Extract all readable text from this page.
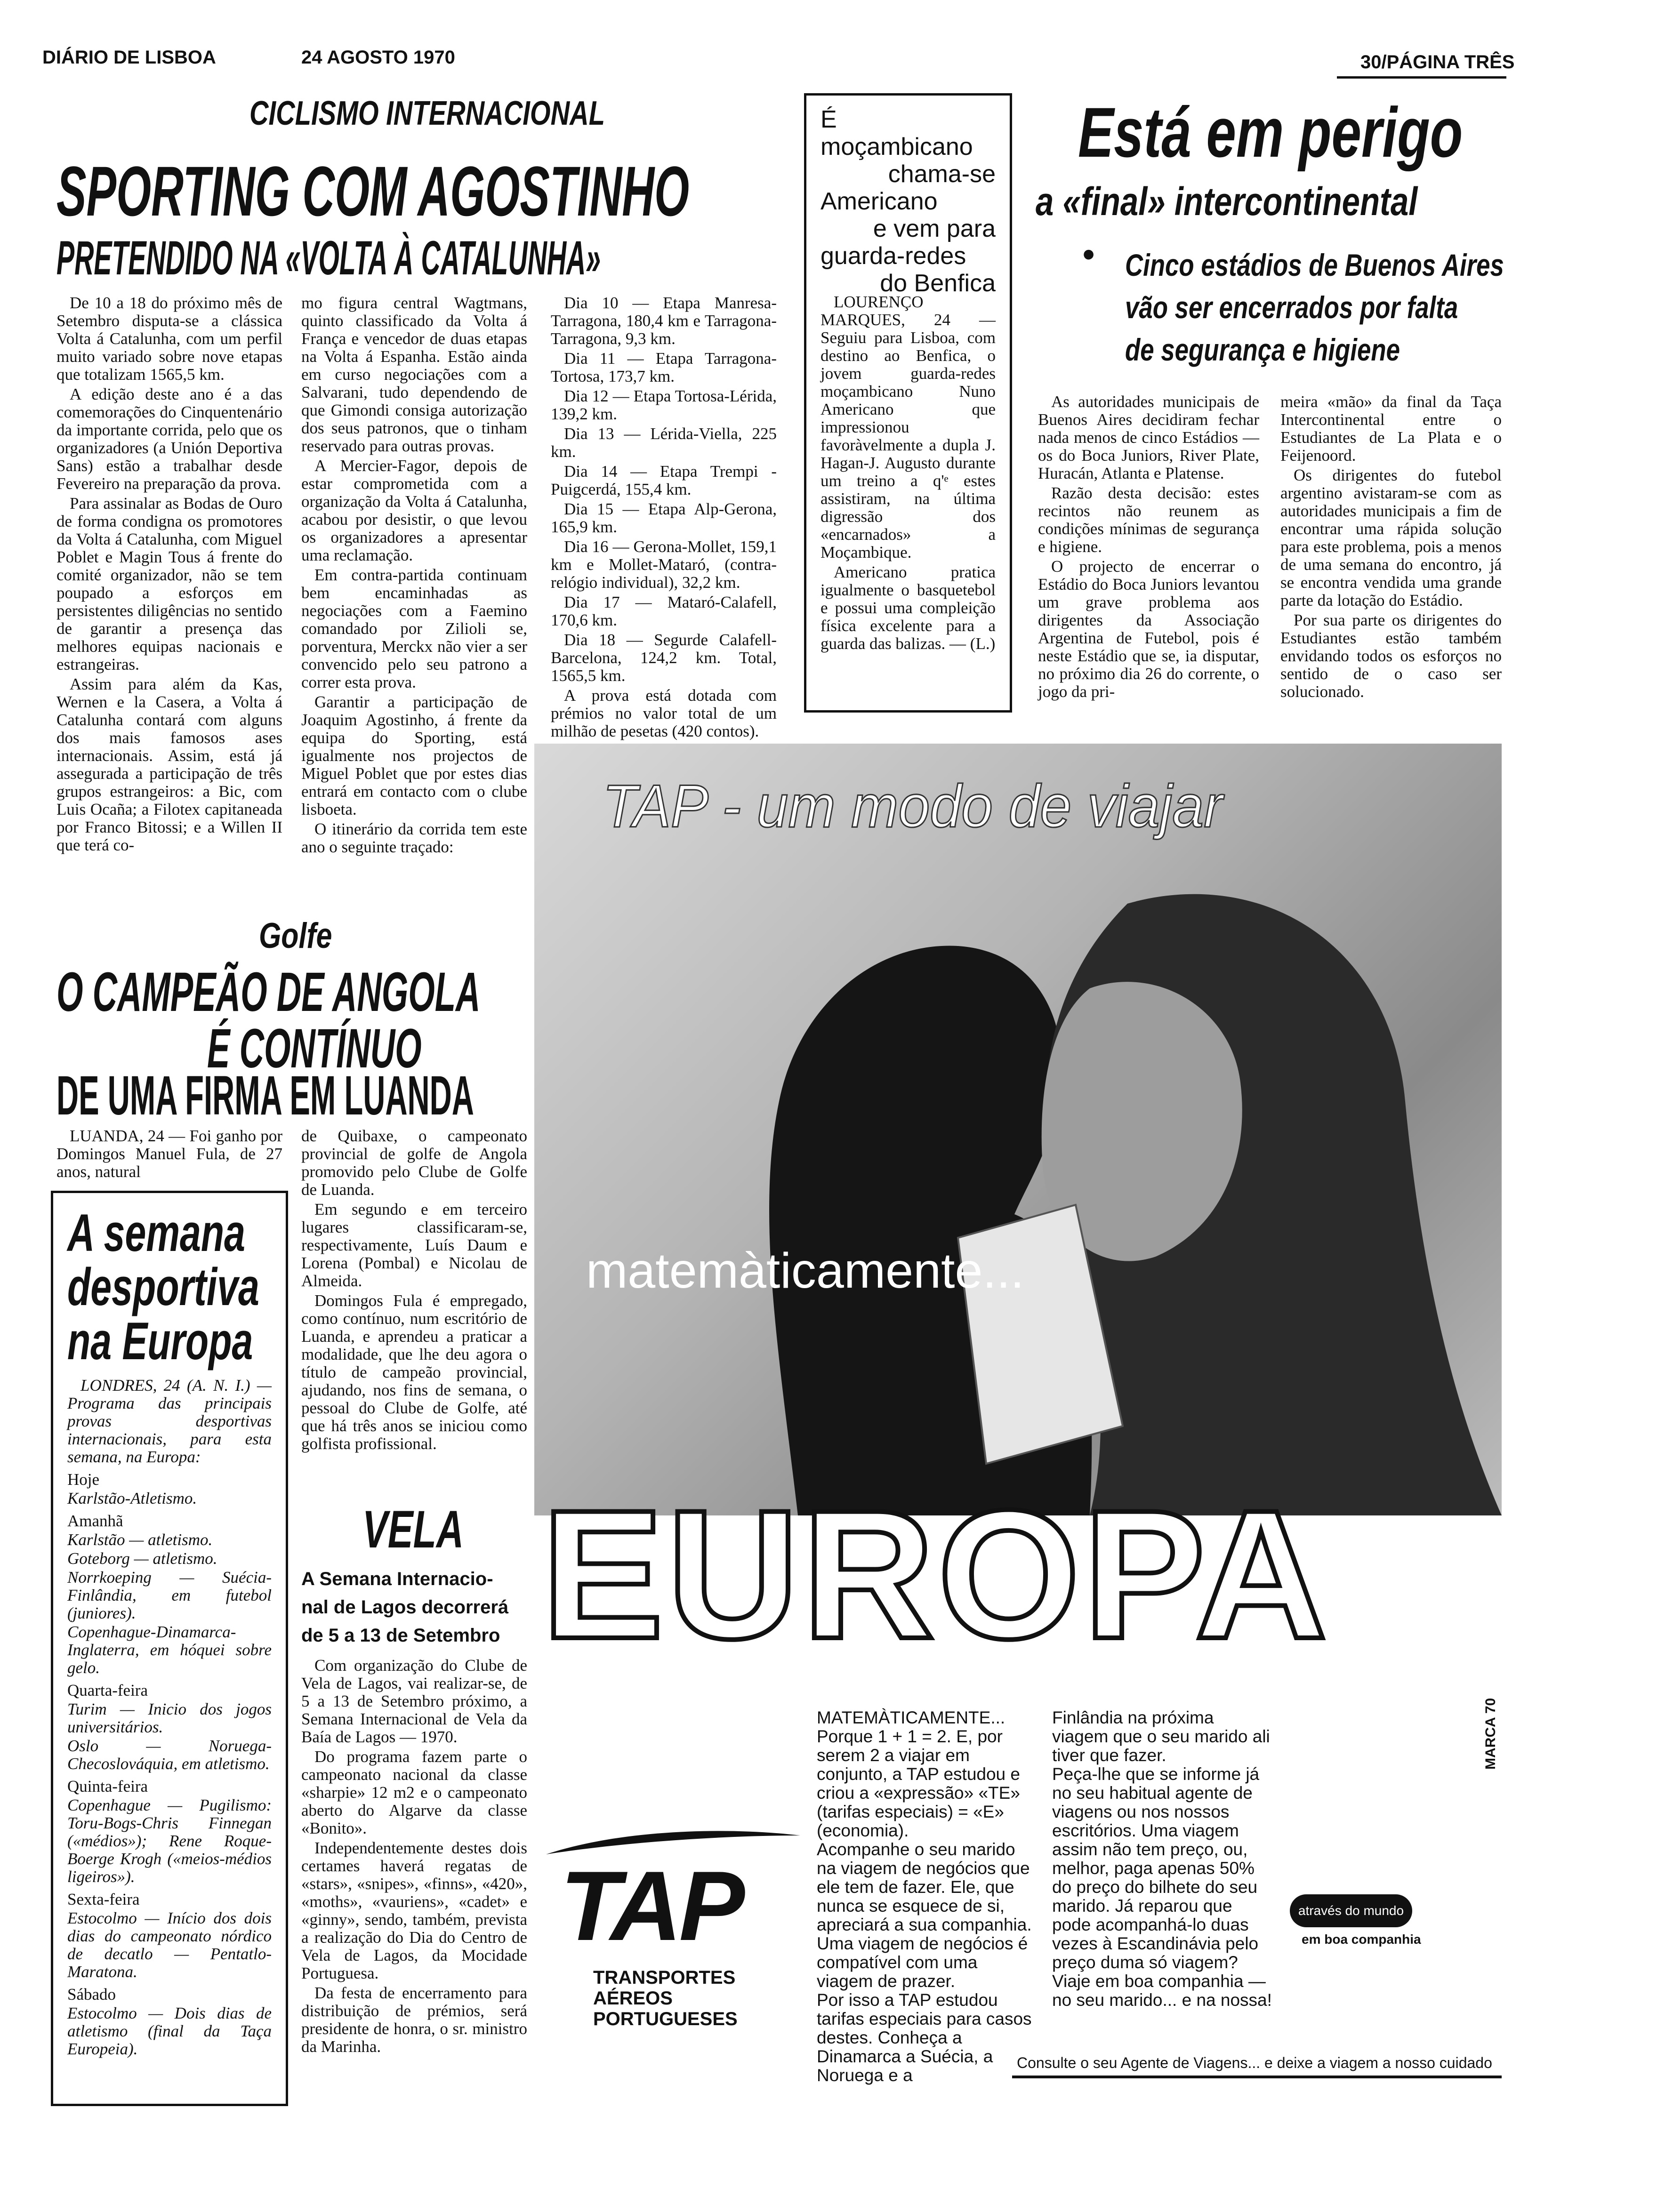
DIÁRIO DE LISBOA	24 AGOSTO 1970	30/PÁGINA TRÊS
CICLISMO INTERNACIONAL
SPORTING COM AGOSTINHO
PRETENDIDO NA «VOLTA À CATALUNHA»

De 10 a 18 do próximo mês de Setembro disputa-se a clássica Volta á Catalunha, com um perfil muito variado sobre nove etapas que totalizam 1565,5 km.

A edição deste ano é a das comemorações do Cinquentenário da importante corrida, pelo que os organizadores (a Unión Deportiva Sans) estão a trabalhar desde Fevereiro na preparação da prova.

Para assinalar as Bodas de Ouro de forma condigna os promotores da Volta á Catalunha, com Miguel Poblet e Magin Tous á frente do comité organizador, não se tem poupado a esforços em persistentes diligências no sentido de garantir a presença das melhores equipas nacionais e estrangeiras.

Assim para além da Kas, Wernen e la Casera, a Volta á Catalunha contará com alguns dos mais famosos ases internacionais. Assim, está já assegurada a participação de três grupos estrangeiros: a Bic, com Luis Ocaña; a Filotex capitaneada por Franco Bitossi; e a Willen II que terá co-

mo figura central Wagtmans, quinto classificado da Volta á França e vencedor de duas etapas na Volta á Espanha. Estão ainda em curso negociações com a Salvarani, tudo dependendo de que Gimondi consiga autorização dos seus patronos, que o tinham reservado para outras provas.

A Mercier-Fagor, depois de estar comprometida com a organização da Volta á Catalunha, acabou por desistir, o que levou os organizadores a apresentar uma reclamação.

Em contra-partida continuam bem encaminhadas as negociações com a Faemino comandado por Zilioli se, porventura, Merckx não vier a ser convencido pelo seu patrono a correr esta prova.

Garantir a participação de Joaquim Agostinho, á frente da equipa do Sporting, está igualmente nos projectos de Miguel Poblet que por estes dias entrará em contacto com o clube lisboeta.

O itinerário da corrida tem este ano o seguinte traçado:

Dia 10 — Etapa Manresa-Tarragona, 180,4 km e Tarragona-Tarragona, 9,3 km.

Dia 11 — Etapa Tarragona-Tortosa, 173,7 km.

Dia 12 — Etapa Tortosa-Lérida, 139,2 km.

Dia 13 — Lérida-Viella, 225 km.

Dia 14 — Etapa Trempi -Puigcerdá, 155,4 km.

Dia 15 — Etapa Alp-Gerona, 165,9 km.

Dia 16 — Gerona-Mollet, 159,1 km e Mollet-Mataró, (contra-relógio individual), 32,2 km.

Dia 17 — Mataró-Calafell, 170,6 km.

Dia 18 — Segurde Calafell-Barcelona, 124,2 km. Total, 1565,5 km.

A prova está dotada com prémios no valor total de um milhão de pesetas (420 contos).

É moçambicano
chama-se
Americano
e vem para
guarda-redes
do Benfica

LOURENÇO MARQUES, 24 — Seguiu para Lisboa, com destino ao Benfica, o jovem guarda-redes moçambicano Nuno Americano que impressionou favoràvelmente a dupla J. Hagan-J. Augusto durante um treino a q'ᵉ estes assistiram, na última digressão dos «encarnados» a Moçambique.

Americano pratica igualmente o basquetebol e possui uma compleição física excelente para a guarda das balizas. — (L.)

Está em perigo
a «final» intercontinental
• Cinco estádios de Buenos Aires
vão ser encerrados por falta
de segurança e higiene

As autoridades municipais de Buenos Aires decidiram fechar nada menos de cinco Estádios — os do Boca Juniors, River Plate, Huracán, Atlanta e Platense.

Razão desta decisão: estes recintos não reunem as condições mínimas de segurança e higiene.

O projecto de encerrar o Estádio do Boca Juniors levantou um grave problema aos dirigentes da Associação Argentina de Futebol, pois é neste Estádio que se, ia disputar, no próximo dia 26 do corrente, o jogo da pri-

meira «mão» da final da Taça Intercontinental entre o Estudiantes de La Plata e o Feijenoord.

Os dirigentes do futebol argentino avistaram-se com as autoridades municipais a fim de encontrar uma rápida solução para este problema, pois a menos de uma semana do encontro, já se encontra vendida uma grande parte da lotação do Estádio.

Por sua parte os dirigentes do Estudiantes estão também envidando todos os esforços no sentido de o caso ser solucionado.

Golfe
O CAMPEÃO DE ANGOLA
É CONTÍNUO
DE UMA FIRMA EM LUANDA

LUANDA, 24 — Foi ganho por Domingos Manuel Fula, de 27 anos, natural

de Quibaxe, o campeonato provincial de golfe de Angola promovido pelo Clube de Golfe de Luanda.

Em segundo e em terceiro lugares classificaram-se, respectivamente, Luís Daum e Lorena (Pombal) e Nicolau de Almeida.

Domingos Fula é empregado, como contínuo, num escritório de Luanda, e aprendeu a praticar a modalidade, que lhe deu agora o título de campeão provincial, ajudando, nos fins de semana, o pessoal do Clube de Golfe, até que há três anos se iniciou como golfista profissional.

A semana
desportiva
na Europa

LONDRES, 24 (A. N. I.) — Programa das principais provas desportivas internacionais, para esta semana, na Europa:

Hoje

Karlstão-Atletismo.

Amanhã

Karlstão — atletismo.

Goteborg — atletismo.

Norrkoeping — Suécia-Finlândia, em futebol (juniores).

Copenhague-Dinamarca-Inglaterra, em hóquei sobre gelo.

Quarta-feira

Turim — Inicio dos jogos universitários.

Oslo — Noruega-Checoslováquia, em atletismo.

Quinta-feira

Copenhague — Pugilismo: Toru-Bogs-Chris Finnegan («médios»); Rene Roque-Boerge Krogh («meios-médios ligeiros»).

Sexta-feira

Estocolmo — Início dos dois dias do campeonato nórdico de decatlo — Pentatlo-Maratona.

Sábado

Estocolmo — Dois dias de atletismo (final da Taça Europeia).

VELA
A Semana Internacio-
nal de Lagos decorrerá
de 5 a 13 de Setembro

Com organização do Clube de Vela de Lagos, vai realizar-se, de 5 a 13 de Setembro próximo, a Semana Internacional de Vela da Baía de Lagos — 1970.

Do programa fazem parte o campeonato nacional da classe «sharpie» 12 m2 e o campeonato aberto do Algarve da classe «Bonito».

Independentemente destes dois certames haverá regatas de «stars», «snipes», «finns», «420», «moths», «vauriens», «cadet» e «ginny», sendo, também, prevista a realização do Dia do Centro de Vela de Lagos, da Mocidade Portuguesa.

Da festa de encerramento para distribuição de prémios, será presidente de honra, o sr. ministro da Marinha.

TAP - um modo de viajar
matemàticamente...
EUROPA
TAP
TRANSPORTES
AÉREOS
PORTUGUESES

MATEMÀTICAMENTE...

Porque 1 + 1 = 2. E, por serem 2 a viajar em conjunto, a TAP estudou e criou a «expressão» «TE» (tarifas especiais) = «E» (economia).

Acompanhe o seu marido na viagem de negócios que ele tem de fazer. Ele, que nunca se esquece de si, apreciará a sua companhia. Uma viagem de negócios é compatível com uma viagem de prazer.

Por isso a TAP estudou tarifas especiais para casos destes. Conheça a Dinamarca a Suécia, a Noruega e a

Finlândia na próxima viagem que o seu marido ali tiver que fazer.

Peça-lhe que se informe já no seu habitual agente de viagens ou nos nossos escritórios. Uma viagem assim não tem preço, ou, melhor, paga apenas 50% do preço do bilhete do seu marido. Já reparou que pode acompanhá-lo duas vezes à Escandinávia pelo preço duma só viagem?

Viaje em boa companhia — no seu marido... e na nossa!

através do mundo
em boa companhia
MARCA 70
Consulte o seu Agente de Viagens... e deixe a viagem a nosso cuidado
